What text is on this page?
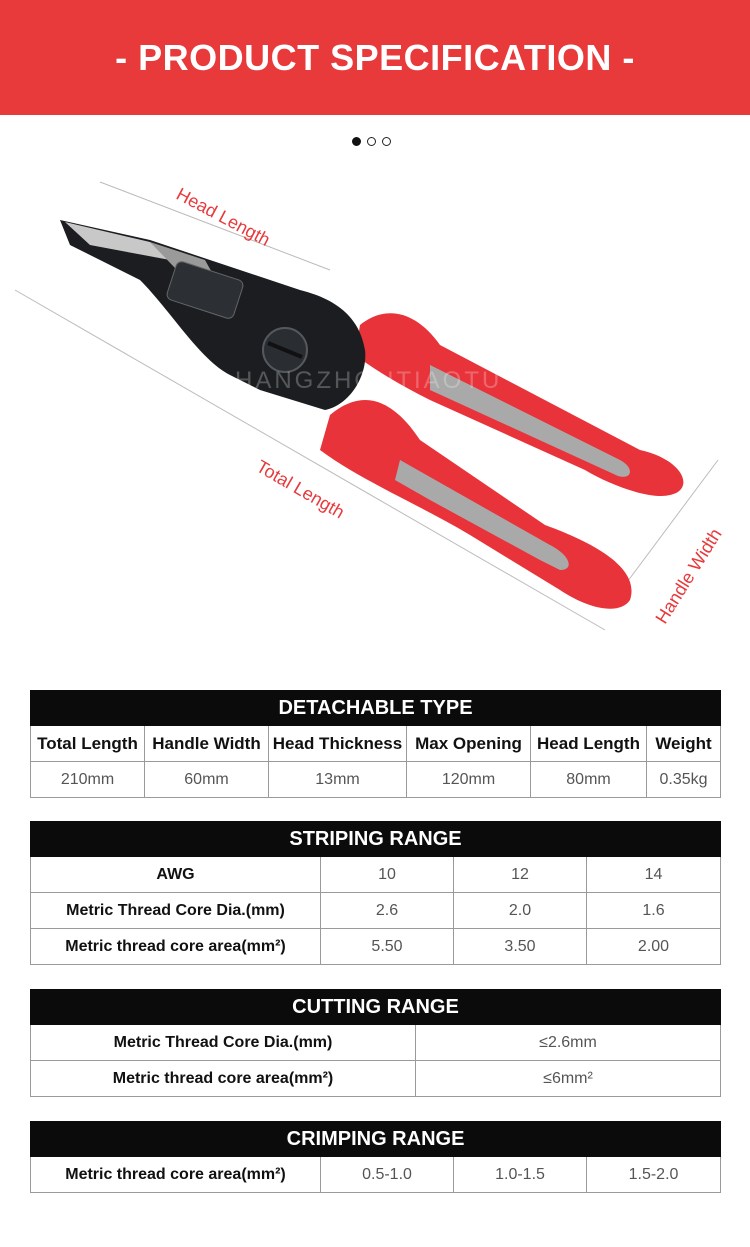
- PRODUCT SPECIFICATION -
HANGZHOUTIAOTU
Head Length
Total Length
Handle Width
DETACHABLE TYPE					
Total Length	Handle Width	Head Thickness	Max Opening	Head Length	Weight
210mm	60mm	13mm	120mm	80mm	0.35kg
STRIPING RANGE			
AWG	10	12	14
Metric Thread Core Dia.(mm)	2.6	2.0	1.6
Metric thread core area(mm²)	5.50	3.50	2.00
CUTTING RANGE	
Metric Thread Core Dia.(mm)	≤2.6mm
Metric thread core area(mm²)	≤6mm²
CRIMPING RANGE
Metric thread core area(mm²)	0.5-1.0	1.0-1.5	1.5-2.0
